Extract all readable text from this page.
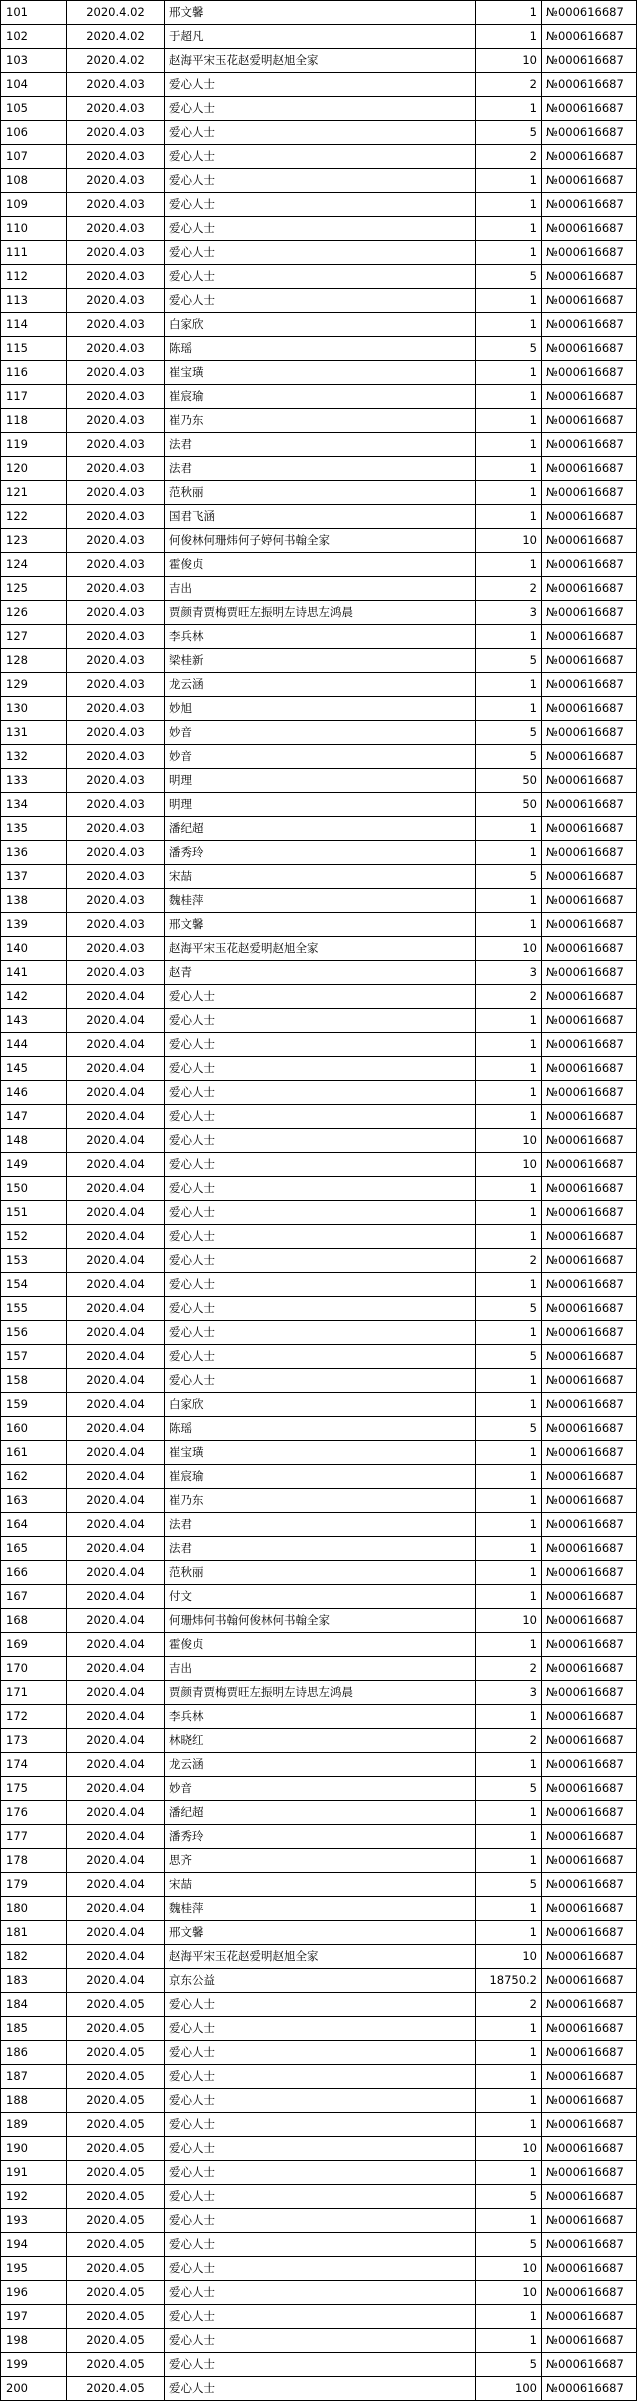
101	2020.4.02	邢文馨	1	№000616687
102	2020.4.02	于超凡	1	№000616687
103	2020.4.02	赵海平宋玉花赵爱明赵旭全家	10	№000616687
104	2020.4.03	爱心人士	2	№000616687
105	2020.4.03	爱心人士	1	№000616687
106	2020.4.03	爱心人士	5	№000616687
107	2020.4.03	爱心人士	2	№000616687
108	2020.4.03	爱心人士	1	№000616687
109	2020.4.03	爱心人士	1	№000616687
110	2020.4.03	爱心人士	1	№000616687
111	2020.4.03	爱心人士	1	№000616687
112	2020.4.03	爱心人士	5	№000616687
113	2020.4.03	爱心人士	1	№000616687
114	2020.4.03	白家欣	1	№000616687
115	2020.4.03	陈瑶	5	№000616687
116	2020.4.03	崔宝璜	1	№000616687
117	2020.4.03	崔宸瑜	1	№000616687
118	2020.4.03	崔乃东	1	№000616687
119	2020.4.03	法君	1	№000616687
120	2020.4.03	法君	1	№000616687
121	2020.4.03	范秋丽	1	№000616687
122	2020.4.03	国君飞涵	1	№000616687
123	2020.4.03	何俊林何珊炜何子婷何书翰全家	10	№000616687
124	2020.4.03	霍俊贞	1	№000616687
125	2020.4.03	吉出	2	№000616687
126	2020.4.03	贾颜青贾梅贾旺左振明左诗思左鸿晨	3	№000616687
127	2020.4.03	李兵林	1	№000616687
128	2020.4.03	梁桂新	5	№000616687
129	2020.4.03	龙云涵	1	№000616687
130	2020.4.03	妙旭	1	№000616687
131	2020.4.03	妙音	5	№000616687
132	2020.4.03	妙音	5	№000616687
133	2020.4.03	明理	50	№000616687
134	2020.4.03	明理	50	№000616687
135	2020.4.03	潘纪超	1	№000616687
136	2020.4.03	潘秀玲	1	№000616687
137	2020.4.03	宋喆	5	№000616687
138	2020.4.03	魏桂萍	1	№000616687
139	2020.4.03	邢文馨	1	№000616687
140	2020.4.03	赵海平宋玉花赵爱明赵旭全家	10	№000616687
141	2020.4.03	赵青	3	№000616687
142	2020.4.04	爱心人士	2	№000616687
143	2020.4.04	爱心人士	1	№000616687
144	2020.4.04	爱心人士	1	№000616687
145	2020.4.04	爱心人士	1	№000616687
146	2020.4.04	爱心人士	1	№000616687
147	2020.4.04	爱心人士	1	№000616687
148	2020.4.04	爱心人士	10	№000616687
149	2020.4.04	爱心人士	10	№000616687
150	2020.4.04	爱心人士	1	№000616687
151	2020.4.04	爱心人士	1	№000616687
152	2020.4.04	爱心人士	1	№000616687
153	2020.4.04	爱心人士	2	№000616687
154	2020.4.04	爱心人士	1	№000616687
155	2020.4.04	爱心人士	5	№000616687
156	2020.4.04	爱心人士	1	№000616687
157	2020.4.04	爱心人士	5	№000616687
158	2020.4.04	爱心人士	1	№000616687
159	2020.4.04	白家欣	1	№000616687
160	2020.4.04	陈瑶	5	№000616687
161	2020.4.04	崔宝璜	1	№000616687
162	2020.4.04	崔宸瑜	1	№000616687
163	2020.4.04	崔乃东	1	№000616687
164	2020.4.04	法君	1	№000616687
165	2020.4.04	法君	1	№000616687
166	2020.4.04	范秋丽	1	№000616687
167	2020.4.04	付文	1	№000616687
168	2020.4.04	何珊炜何书翰何俊林何书翰全家	10	№000616687
169	2020.4.04	霍俊贞	1	№000616687
170	2020.4.04	吉出	2	№000616687
171	2020.4.04	贾颜青贾梅贾旺左振明左诗思左鸿晨	3	№000616687
172	2020.4.04	李兵林	1	№000616687
173	2020.4.04	林晓红	2	№000616687
174	2020.4.04	龙云涵	1	№000616687
175	2020.4.04	妙音	5	№000616687
176	2020.4.04	潘纪超	1	№000616687
177	2020.4.04	潘秀玲	1	№000616687
178	2020.4.04	思齐	1	№000616687
179	2020.4.04	宋喆	5	№000616687
180	2020.4.04	魏桂萍	1	№000616687
181	2020.4.04	邢文馨	1	№000616687
182	2020.4.04	赵海平宋玉花赵爱明赵旭全家	10	№000616687
183	2020.4.04	京东公益	18750.2	№000616687
184	2020.4.05	爱心人士	2	№000616687
185	2020.4.05	爱心人士	1	№000616687
186	2020.4.05	爱心人士	1	№000616687
187	2020.4.05	爱心人士	1	№000616687
188	2020.4.05	爱心人士	1	№000616687
189	2020.4.05	爱心人士	1	№000616687
190	2020.4.05	爱心人士	10	№000616687
191	2020.4.05	爱心人士	1	№000616687
192	2020.4.05	爱心人士	5	№000616687
193	2020.4.05	爱心人士	1	№000616687
194	2020.4.05	爱心人士	5	№000616687
195	2020.4.05	爱心人士	10	№000616687
196	2020.4.05	爱心人士	10	№000616687
197	2020.4.05	爱心人士	1	№000616687
198	2020.4.05	爱心人士	1	№000616687
199	2020.4.05	爱心人士	5	№000616687
200	2020.4.05	爱心人士	100	№000616687
